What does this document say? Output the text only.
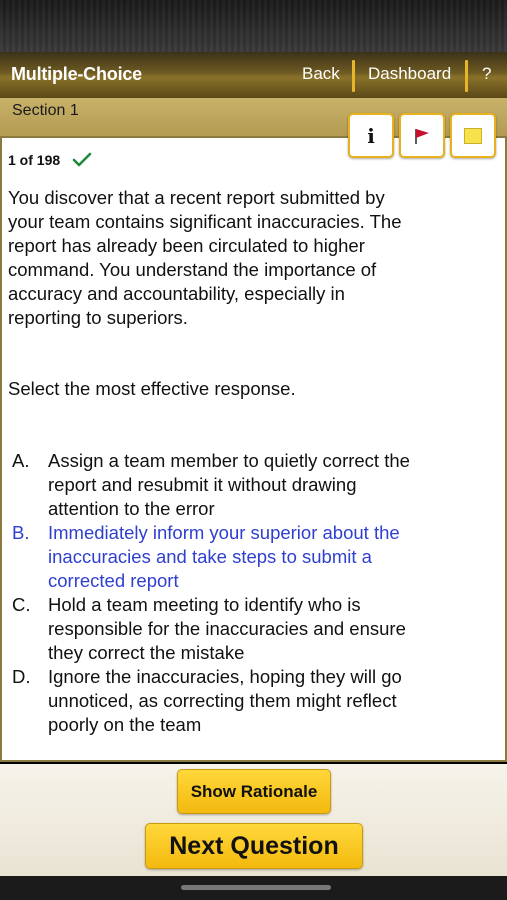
Multiple-Choice	Back Dashboard ?
Section 1
i
1 of 198
You discover that a recent report submitted by your team contains significant inaccuracies. The report has already been circulated to higher command. You understand the importance of accuracy and accountability, especially in reporting to superiors.
Select the most effective response.
A.	Assign a team member to quietly correct the report and resubmit it without drawing attention to the error
B.	Immediately inform your superior about the inaccuracies and take steps to submit a corrected report
C. Hold a team meeting to identify who is responsible for the inaccuracies and ensure they correct the mistake
D. Ignore the inaccuracies, hoping they will go unnoticed, as correcting them might reflect poorly on the team
Show Rationale
Next Question
